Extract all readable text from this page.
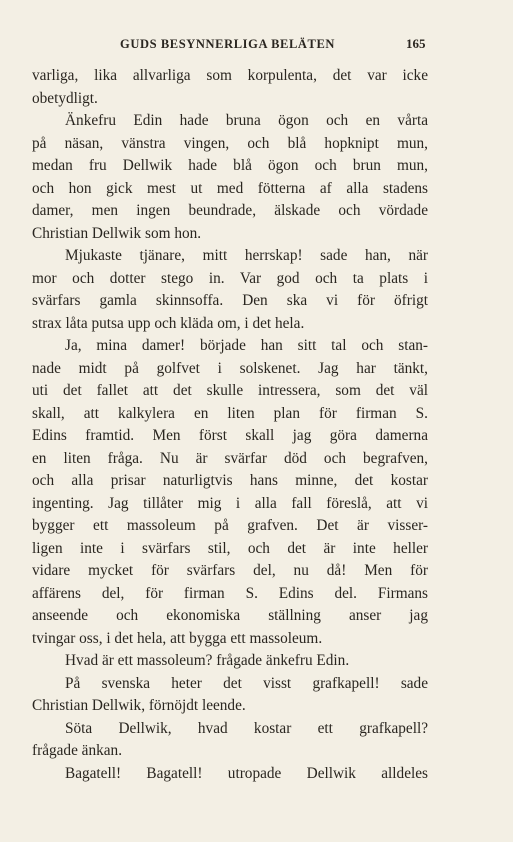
GUDS BESYNNERLIGA BELÄTEN	165
varliga, lika allvarliga som korpulenta, det var icke
obetydligt.
Änkefru Edin hade bruna ögon och en vårta
på näsan, vänstra vingen, och blå hopknipt mun,
medan fru Dellwik hade blå ögon och brun mun,
och hon gick mest ut med fötterna af alla stadens
damer, men ingen beundrade, älskade och vördade
Christian Dellwik som hon.
Mjukaste tjänare, mitt herrskap! sade han, när
mor och dotter stego in. Var god och ta plats i
svärfars gamla skinnsoffa. Den ska vi för öfrigt
strax låta putsa upp och kläda om, i det hela.
Ja, mina damer! började han sitt tal och stan-
nade midt på golfvet i solskenet. Jag har tänkt,
uti det fallet att det skulle intressera, som det väl
skall, att kalkylera en liten plan för firman S.
Edins framtid. Men först skall jag göra damerna
en liten fråga. Nu är svärfar död och begrafven,
och alla prisar naturligtvis hans minne, det kostar
ingenting. Jag tillåter mig i alla fall föreslå, att vi
bygger ett massoleum på grafven. Det är visser-
ligen inte i svärfars stil, och det är inte heller
vidare mycket för svärfars del, nu då! Men för
affärens del, för firman S. Edins del. Firmans
anseende och ekonomiska ställning anser jag
tvingar oss, i det hela, att bygga ett massoleum.
Hvad är ett massoleum? frågade änkefru Edin.
På svenska heter det visst grafkapell! sade
Christian Dellwik, förnöjdt leende.
Söta Dellwik, hvad kostar ett grafkapell?
frågade änkan.
Bagatell! Bagatell! utropade Dellwik alldeles
